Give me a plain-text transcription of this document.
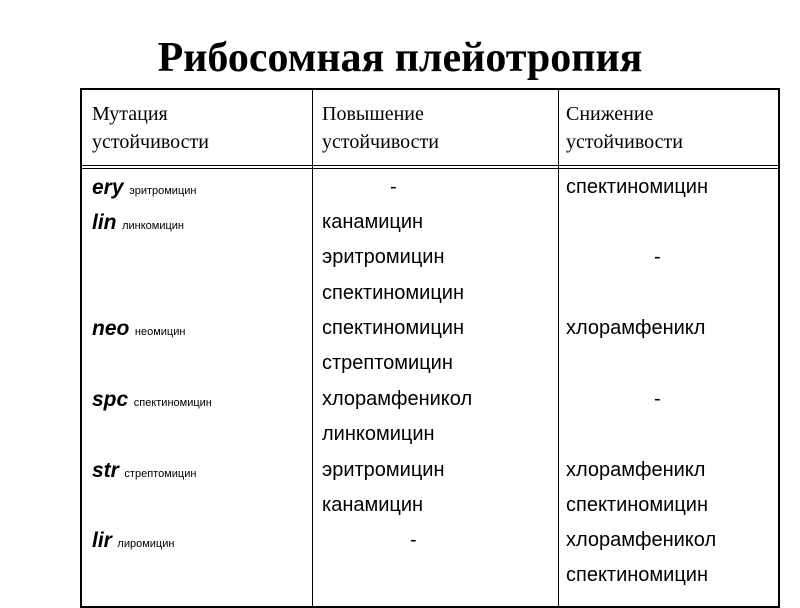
Рибосомная плейотропия
Мутация
устойчивости
Повышение
устойчивости
Снижение
устойчивости
ery эритромицин
lin линкомицин
neo неомицин
spc спектиномицин
str стрептомицин
lir лиромицин
-
канамицин
эритромицин
спектиномицин
спектиномицин
стрептомицин
хлорамфеникол
линкомицин
эритромицин
канамицин
-
спектиномицин
-
хлорамфеникл
-
хлорамфеникл
спектиномицин
хлорамфеникол
спектиномицин
